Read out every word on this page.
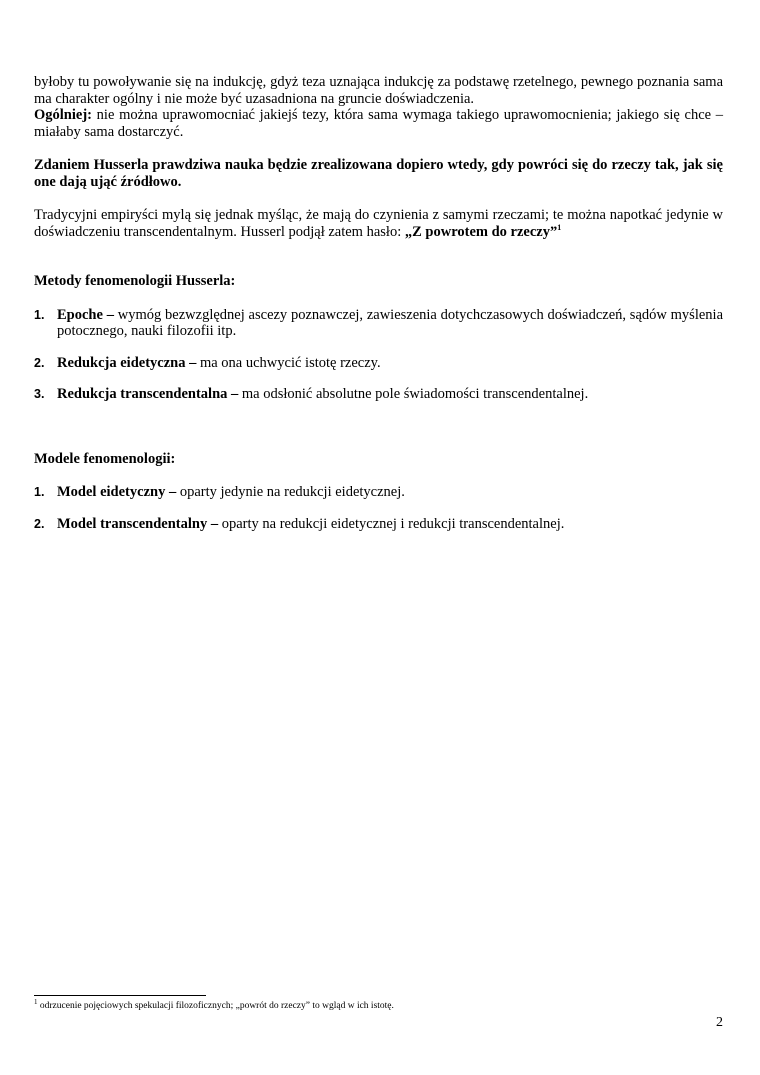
byłoby tu powoływanie się na indukcję, gdyż teza uznająca indukcję za podstawę rzetelnego, pewnego poznania sama ma charakter ogólny i nie może być uzasadniona na gruncie doświadczenia.

Ogólniej: nie można uprawomocniać jakiejś tezy, która sama wymaga takiego uprawomocnienia; jakiego się chce – miałaby sama dostarczyć.

Zdaniem Husserla prawdziwa nauka będzie zrealizowana dopiero wtedy, gdy powróci się do rzeczy tak, jak się one dają ująć źródłowo.

Tradycyjni empiryści mylą się jednak myśląc, że mają do czynienia z samymi rzeczami; te można napotkać jedynie w doświadczeniu transcendentalnym. Husserl podjął zatem hasło: „Z powrotem do rzeczy”$^1$

Metody fenomenologii Husserla:

1. Epoche – wymóg bezwzględnej ascezy poznawczej, zawieszenia dotychczasowych doświadczeń, sądów myślenia potocznego, nauki filozofii itp.
2. Redukcja eidetyczna – ma ona uchwycić istotę rzeczy.
3. Redukcja transcendentalna – ma odsłonić absolutne pole świadomości transcendentalnej.

Modele fenomenologii:

1. Model eidetyczny – oparty jedynie na redukcji eidetycznej.
2. Model transcendentalny – oparty na redukcji eidetycznej i redukcji transcendentalnej.
$^1$ odrzucenie pojęciowych spekulacji filozoficznych; „powrót do rzeczy” to wgląd w ich istotę.
2
